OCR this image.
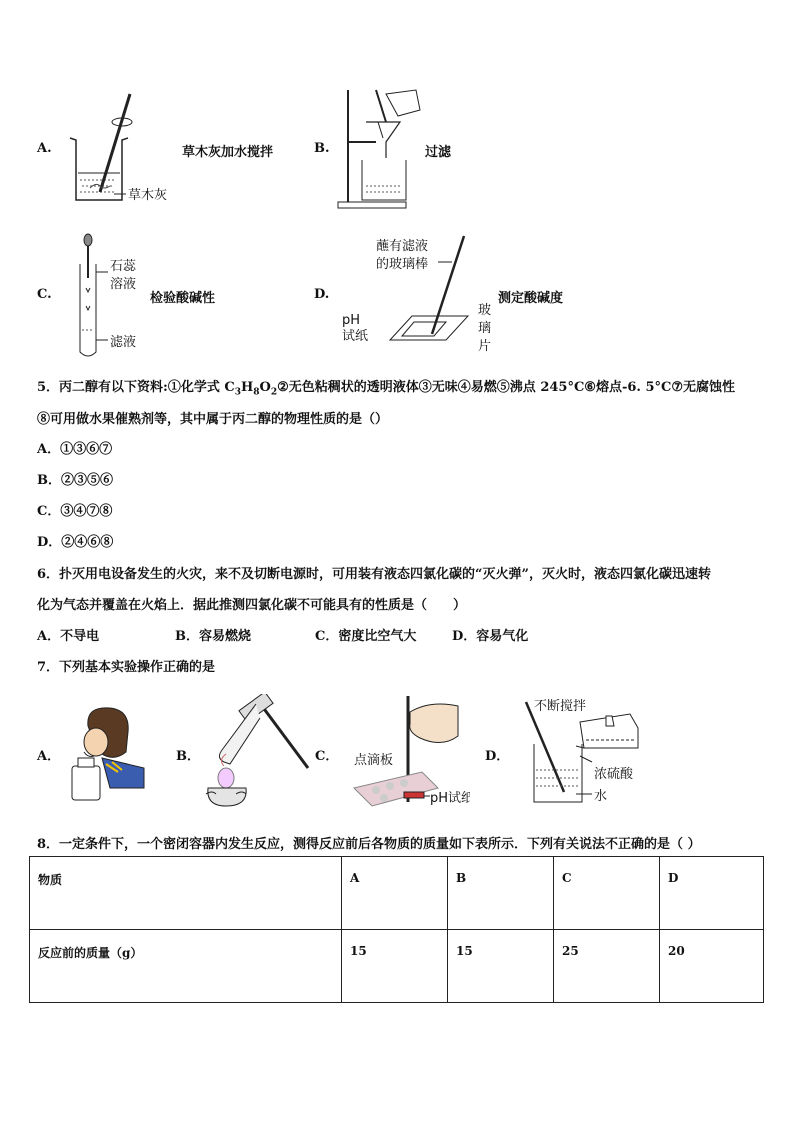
A.
草木灰
草木灰加水搅拌	B.	过滤
C.
石蕊
溶液
滤液
检验酸碱性	D.
蘸有滤液
的玻璃棒
pH
试纸
玻
璃
片
测定酸碱度
5．丙二醇有以下资料:①化学式 $C_3H_8O_2②$无色粘稠状的透明液体③无味④易燃⑤沸点 245°C⑥熔点-6. 5°C⑦无腐蚀性
⑧可用做水果催熟剂等，其中属于丙二醇的物理性质的是（）
A．①③⑥⑦
B．②③⑤⑥
C．③④⑦⑧
D．②④⑥⑧
6．扑灭用电设备发生的火灾，来不及切断电源时，可用装有液态四氯化碳的“灭火弹”，灭火时，液态四氯化碳迅速转
化为气态并覆盖在火焰上．据此推测四氯化碳不可能具有的性质是（　　）
A．不导电	B．容易燃烧	C．密度比空气大	D．容易气化
7．下列基本实验操作正确的是
A．	B．	C． 点滴板
pH试纸
D．
不断搅拌
浓硫酸
水
8．一定条件下，一个密闭容器内发生反应，测得反应前后各物质的质量如下表所示．下列有关说法不正确的是（ ）
物质	A	B	C	D
反应前的质量（g）	15	15	25	20
